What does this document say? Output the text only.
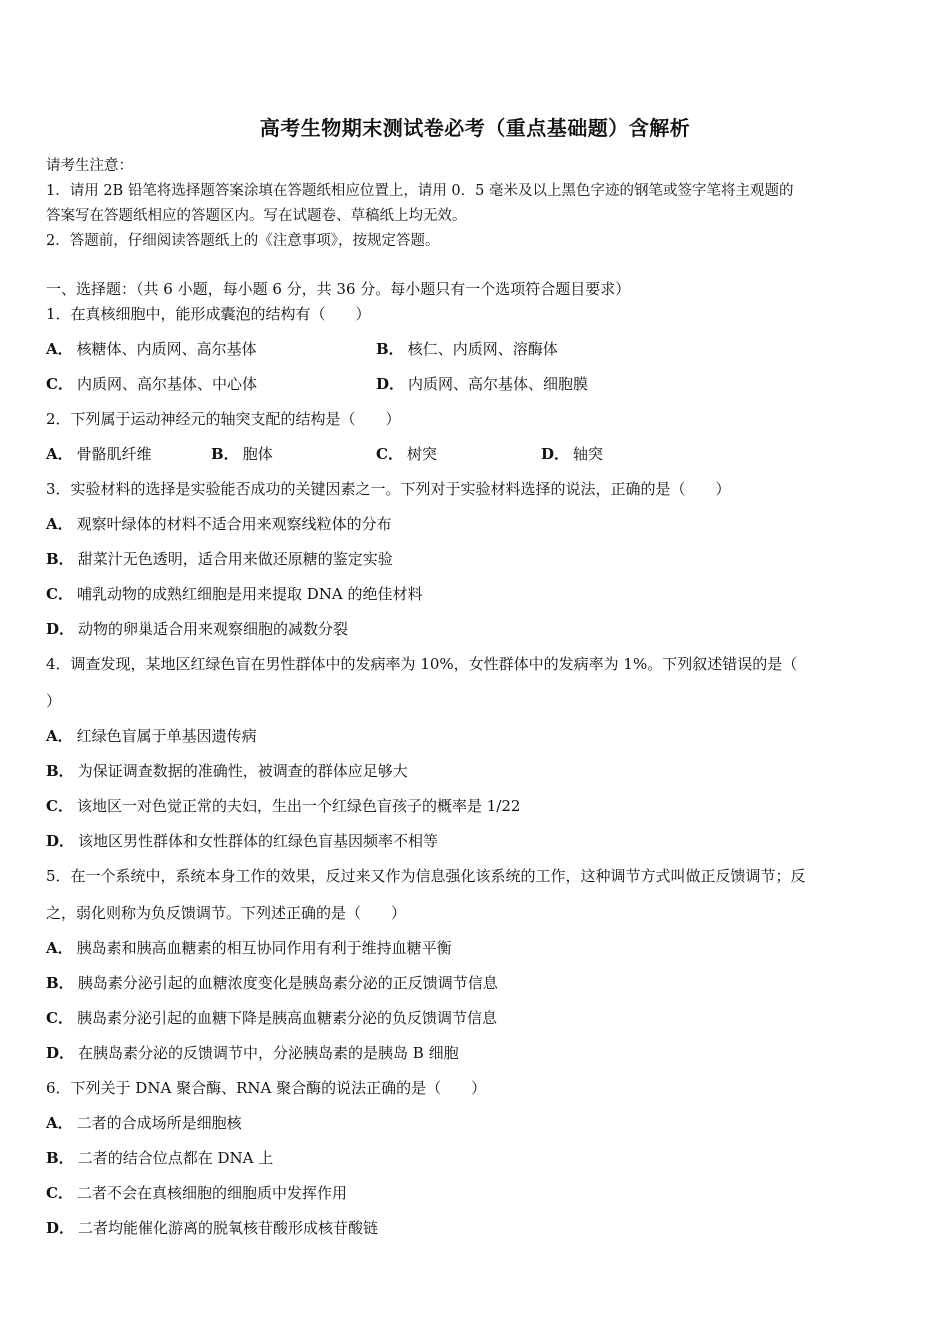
高考生物期末测试卷必考（重点基础题）含解析
请考生注意：
1．请用 2B 铅笔将选择题答案涂填在答题纸相应位置上，请用 0．5 毫米及以上黑色字迹的钢笔或签字笔将主观题的
答案写在答题纸相应的答题区内。写在试题卷、草稿纸上均无效。
2．答题前，仔细阅读答题纸上的《注意事项》，按规定答题。
一、选择题：（共 6 小题，每小题 6 分，共 36 分。每小题只有一个选项符合题目要求）
1．在真核细胞中，能形成囊泡的结构有（　　）
A． 核糖体、内质网、高尔基体	B． 核仁、内质网、溶酶体
C． 内质网、高尔基体、中心体	D． 内质网、高尔基体、细胞膜
2．下列属于运动神经元的轴突支配的结构是（　　）
A． 骨骼肌纤维	B． 胞体	C． 树突	D． 轴突
3．实验材料的选择是实验能否成功的关键因素之一。下列对于实验材料选择的说法，正确的是（　　）
A． 观察叶绿体的材料不适合用来观察线粒体的分布
B． 甜菜汁无色透明，适合用来做还原糖的鉴定实验
C． 哺乳动物的成熟红细胞是用来提取 DNA 的绝佳材料
D． 动物的卵巢适合用来观察细胞的减数分裂
4．调查发现，某地区红绿色盲在男性群体中的发病率为 10%，女性群体中的发病率为 1%。下列叙述错误的是（
）
A． 红绿色盲属于单基因遗传病
B． 为保证调查数据的准确性，被调查的群体应足够大
C． 该地区一对色觉正常的夫妇，生出一个红绿色盲孩子的概率是 1/22
D． 该地区男性群体和女性群体的红绿色盲基因频率不相等
5．在一个系统中，系统本身工作的效果，反过来又作为信息强化该系统的工作，这种调节方式叫做正反馈调节；反
之，弱化则称为负反馈调节。下列述正确的是（　　）
A． 胰岛素和胰高血糖素的相互协同作用有利于维持血糖平衡
B． 胰岛素分泌引起的血糖浓度变化是胰岛素分泌的正反馈调节信息
C． 胰岛素分泌引起的血糖下降是胰高血糖素分泌的负反馈调节信息
D． 在胰岛素分泌的反馈调节中，分泌胰岛素的是胰岛 B 细胞
6．下列关于 DNA 聚合酶、RNA 聚合酶的说法正确的是（　　）
A． 二者的合成场所是细胞核
B． 二者的结合位点都在 DNA 上
C． 二者不会在真核细胞的细胞质中发挥作用
D． 二者均能催化游离的脱氧核苷酸形成核苷酸链
